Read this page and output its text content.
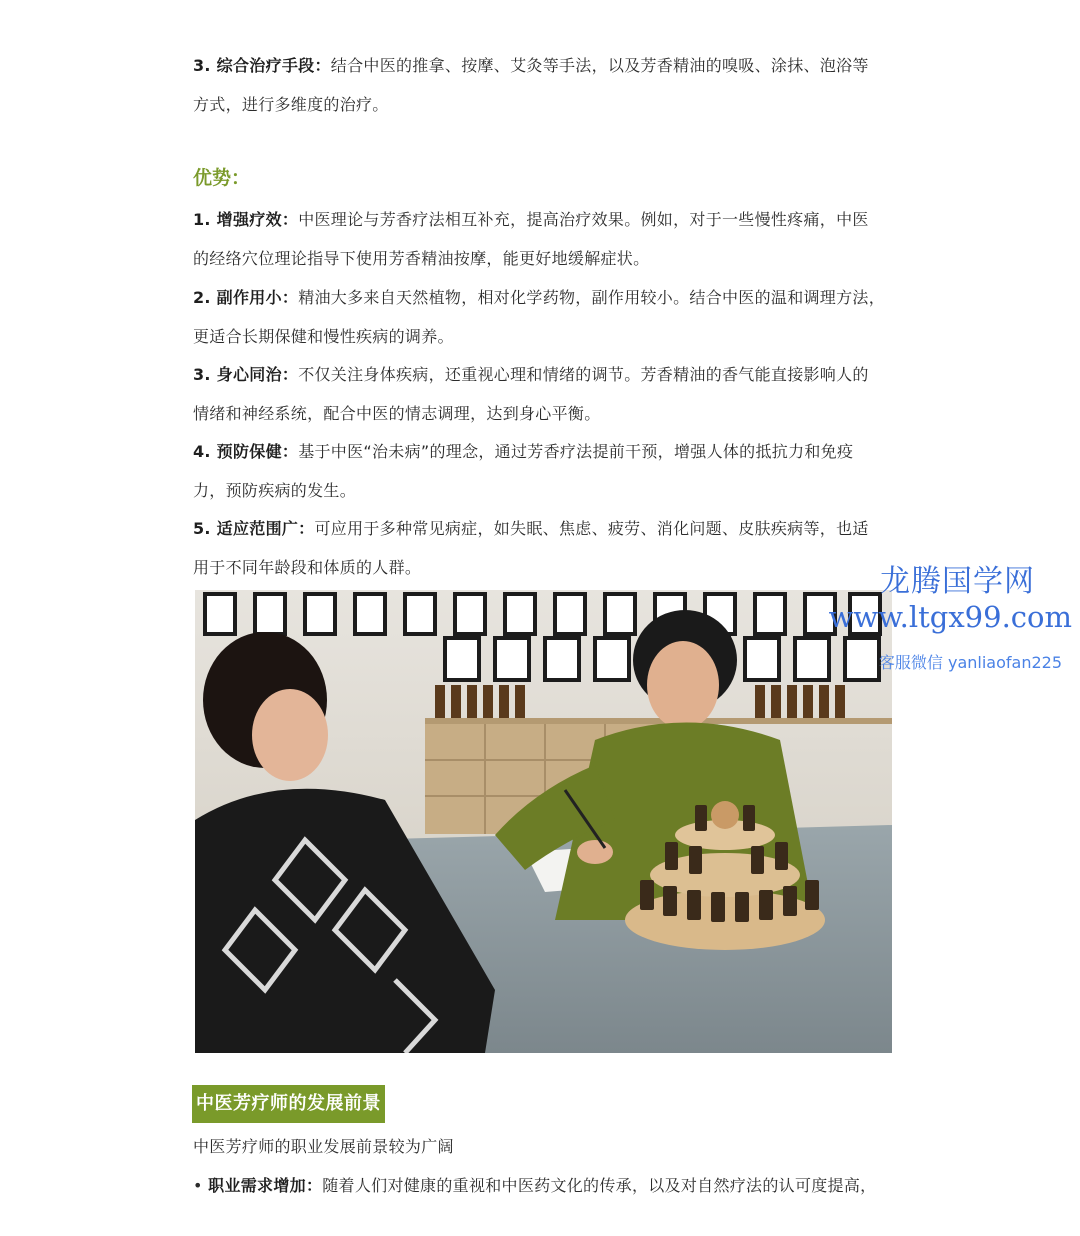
3. 综合治疗手段：结合中医的推拿、按摩、艾灸等手法，以及芳香精油的嗅吸、涂抹、泡浴等
方式，进行多维度的治疗。

优势：

1. 增强疗效：中医理论与芳香疗法相互补充，提高治疗效果。例如，对于一些慢性疼痛，中医
的经络穴位理论指导下使用芳香精油按摩，能更好地缓解症状。

2. 副作用小：精油大多来自天然植物，相对化学药物，副作用较小。结合中医的温和调理方法，
更适合长期保健和慢性疾病的调养。

3. 身心同治：不仅关注身体疾病，还重视心理和情绪的调节。芳香精油的香气能直接影响人的
情绪和神经系统，配合中医的情志调理，达到身心平衡。

4. 预防保健：基于中医“治未病”的理念，通过芳香疗法提前干预，增强人体的抵抗力和免疫
力，预防疾病的发生。

5. 适应范围广：可应用于多种常见病症，如失眠、焦虑、疲劳、消化问题、皮肤疾病等，也适
用于不同年龄段和体质的人群。	龙腾国学网
www.ltgx99.com
客服微信 yanliaofan225
中医芳疗师的发展前景

中医芳疗师的职业发展前景较为广阔

• 职业需求增加：随着人们对健康的重视和中医药文化的传承，以及对自然疗法的认可度提高，
